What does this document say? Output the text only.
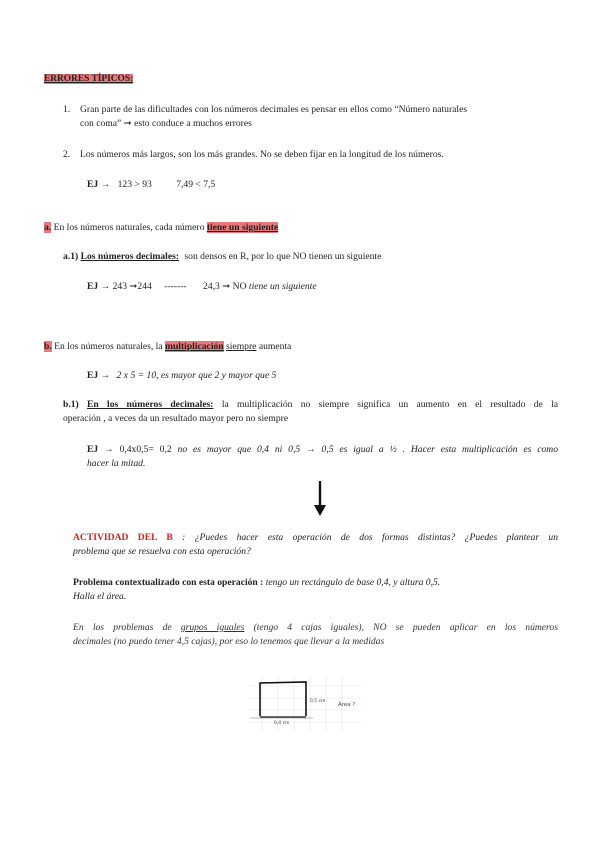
ERRORES TÍPICOS:
1. Gran parte de las dificultades con los números decimales es pensar en ellos como “Número naturales
con coma” ➞ esto conduce a muchos errores
2. Los números más largos, son los más grandes. No se deben fijar en la longitud de los números.
EJ → 123 > 93	7,49 < 7,5
a. En los números naturales, cada número tiene un siguiente
a.1) Los números decimales: son densos en R, por lo que NO tienen un siguiente
EJ → 243 ➞244 ------- 24,3 ➞ NO tiene un siguiente
b. En los números naturales, la multiplicación siempre aumenta
EJ → 2 x 5 = 10, es mayor que 2 y mayor que 5
b.1) En los números decimales: la multiplicación no siempre significa un aumento en el resultado de la
operación , a veces da un resultado mayor pero no siempre
EJ → 0,4x0,5= 0,2 no es mayor que 0,4 ni 0,5 → 0,5 es igual a ½ . Hacer esta multiplicación es como
hacer la mitad.
ACTIVIDAD DEL B : ¿Puedes hacer esta operación de dos formas distintas? ¿Puedes plantear un
problema que se resuelva con esta operación?
Problema contextualizado con esta operación : tengo un rectángulo de base 0,4, y altura 0,5.
Halla el área.
En los problemas de grupos iguales (tengo 4 cajas iguales), NO se pueden aplicar en los números
decimales (no puedo tener 4,5 cajas), por eso lo tenemos que llevar a la medidas
0,5 cm
Área ?
0,4 cm
